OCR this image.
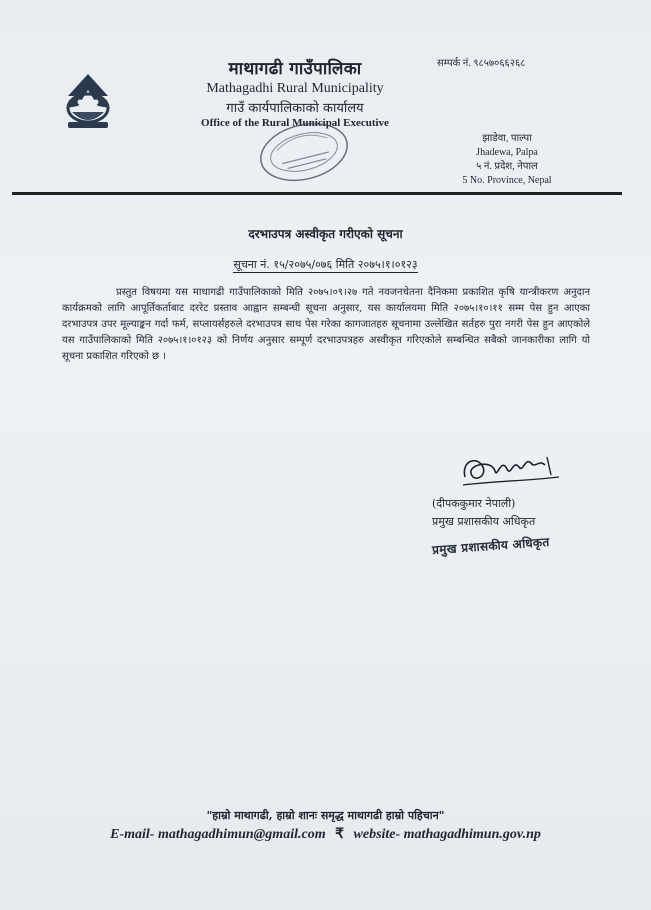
माथागढी गाउँपालिका
Mathagadhi Rural Municipality
गाउँ कार्यपालिकाको कार्यालय
Office of the Rural Municipal Executive
सम्पर्क नं. ९८५७०६६२६८
झाडेवा, पाल्पा
Jhadewa, Palpa
५ नं. प्रदेश, नेपाल
5 No. Province, Nepal
दरभाउपत्र अस्वीकृत गरीएको सूचना
सूचना नं. १५/२०७५/०७६ मिति २०७५।१।०१२३
प्रस्तुत विषयमा यस माथागढी गाउँपालिकाको मिति २०७५।०९।२७ गते नवजनचेतना दैनिकमा प्रकाशित कृषि यान्त्रीकरण अनुदान कार्यक्रमको लागि आपूर्तिकर्ताबाट दररेट प्रस्ताव आह्वान सम्बन्धी सूचना अनुसार, यस कार्यालयमा मिति २०७५।१०।११ सम्म पेस हुन आएका दरभाउपत्र उपर मूल्याङ्कन गर्दा फर्म, सप्लायर्सहरुले दरभाउपत्र साथ पेस गरेका कागजातहरु सूचनामा उल्लेखित सर्तहरु पुरा नगरी पेस हुन आएकोले यस गाउँपालिकाको मिति २०७५।१।०१२३ को निर्णय अनुसार सम्पूर्ण दरभाउपत्रहरु अस्वीकृत गरिएकोले सम्बन्धित सबैको जानकारीका लागि यो सूचना प्रकाशित गरिएको छ ।
(दीपककुमार नेपाली)
प्रमुख प्रशासकीय अधिकृत
प्रमुख प्रशासकीय अधिकृत
"हाम्रो माथागढी, हाम्रो शानः समृद्ध माथागढी हाम्रो पहिचान"
E-mail- mathagadhimun@gmail.com ₹ website- mathagadhimun.gov.np
